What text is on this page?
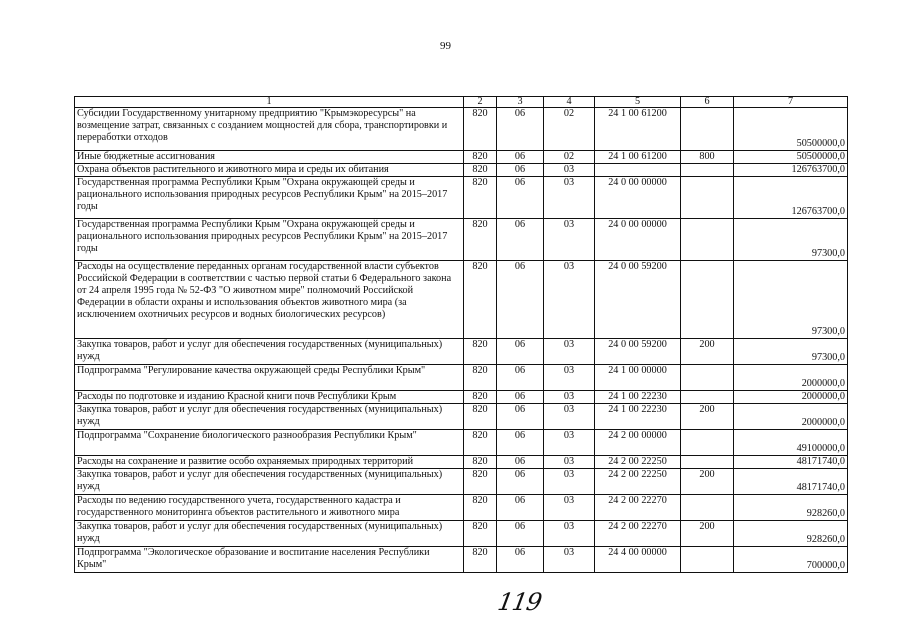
99
1	2	3	4	5	6	7
Субсидии Государственному унитарному предприятию "Крымэкоресурсы" на возмещение затрат, связанных с созданием мощностей для сбора, транспортировки и переработки отходов	820	06	02	24 1 00 61200		50500000,0
Иные бюджетные ассигнования	820	06	02	24 1 00 61200	800	50500000,0
Охрана объектов растительного и животного мира и среды их обитания	820	06	03			126763700,0
Государственная программа Республики Крым "Охрана окружающей среды и рационального использования природных ресурсов Республики Крым" на 2015–2017 годы	820	06	03	24 0 00 00000		126763700,0
Государственная программа Республики Крым "Охрана окружающей среды и рационального использования природных ресурсов Республики Крым" на 2015–2017 годы	820	06	03	24 0 00 00000		97300,0
Расходы на осуществление переданных органам государственной власти субъектов Российской Федерации в соответствии с частью первой статьи 6 Федерального закона от 24 апреля 1995 года № 52-ФЗ "О животном мире" полномочий Российской Федерации в области охраны и использования объектов животного мира (за исключением охотничьих ресурсов и водных биологических ресурсов)	820	06	03	24 0 00 59200		97300,0
Закупка товаров, работ и услуг для обеспечения государственных (муниципальных) нужд	820	06	03	24 0 00 59200	200	97300,0
Подпрограмма "Регулирование качества окружающей среды Республики Крым"	820	06	03	24 1 00 00000		2000000,0
Расходы по подготовке и изданию Красной книги почв Республики Крым	820	06	03	24 1 00 22230		2000000,0
Закупка товаров, работ и услуг для обеспечения государственных (муниципальных) нужд	820	06	03	24 1 00 22230	200	2000000,0
Подпрограмма "Сохранение биологического разнообразия Республики Крым"	820	06	03	24 2 00 00000		49100000,0
Расходы на сохранение и развитие особо охраняемых природных территорий	820	06	03	24 2 00 22250		48171740,0
Закупка товаров, работ и услуг для обеспечения государственных (муниципальных) нужд	820	06	03	24 2 00 22250	200	48171740,0
Расходы по ведению государственного учета, государственного кадастра и государственного мониторинга объектов растительного и животного мира	820	06	03	24 2 00 22270		928260,0
Закупка товаров, работ и услуг для обеспечения государственных (муниципальных) нужд	820	06	03	24 2 00 22270	200	928260,0
Подпрограмма "Экологическое образование и воспитание населения Республики Крым"	820	06	03	24 4 00 00000		700000,0
119
